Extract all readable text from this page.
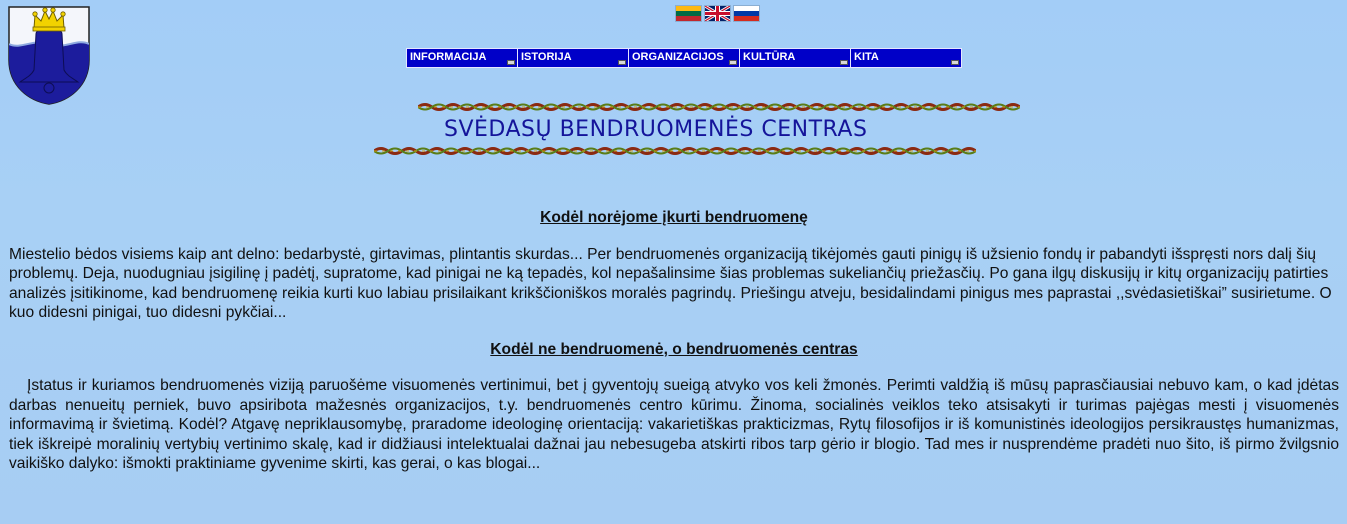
INFORMACIJA	ISTORIJA	ORGANIZACIJOS	KULTŪRA	KITA
SVĖDASŲ BENDRUOMENĖS CENTRAS

Kodėl norėjome įkurti bendruomenę

Miestelio bėdos visiems kaip ant delno: bedarbystė, girtavimas, plintantis skurdas... Per bendruomenės organizaciją tikėjomės gauti pinigų iš užsienio fondų ir pabandyti išspręsti nors dalį šių problemų. Deja, nuodugniau įsigilinę į padėtį, supratome, kad pinigai ne ką tepadės, kol nepašalinsime šias problemas sukeliančių priežasčių. Po gana ilgų diskusijų ir kitų organizacijų patirties analizės įsitikinome, kad bendruomenę reikia kurti kuo labiau prisilaikant krikščioniškos moralės pagrindų. Priešingu atveju, besidalindami pinigus mes paprastai ,,svėdasietiškai” susirietume. O kuo didesni pinigai, tuo didesni pykčiai...

Kodėl ne bendruomenė, o bendruomenės centras

Įstatus ir kuriamos bendruomenės viziją paruošėme visuomenės vertinimui, bet į gyventojų sueigą atvyko vos keli žmonės. Perimti valdžią iš mūsų paprasčiausiai nebuvo kam, o kad įdėtas darbas nenueitų perniek, buvo apsiribota mažesnės organizacijos, t.y. bendruomenės centro kūrimu. Žinoma, socialinės veiklos teko atsisakyti ir turimas pajėgas mesti į visuomenės informavimą ir švietimą. Kodėl? Atgavę nepriklausomybę, praradome ideologinę orientaciją: vakarietiškas prakticizmas, Rytų filosofijos ir iš komunistinės ideologijos persikraustęs humanizmas, tiek iškreipė moralinių vertybių vertinimo skalę, kad ir didžiausi intelektualai dažnai jau nebesugeba atskirti ribos tarp gėrio ir blogio. Tad mes ir nusprendėme pradėti nuo šito, iš pirmo žvilgsnio vaikiško dalyko: išmokti praktiniame gyvenime skirti, kas gerai, o kas blogai...
